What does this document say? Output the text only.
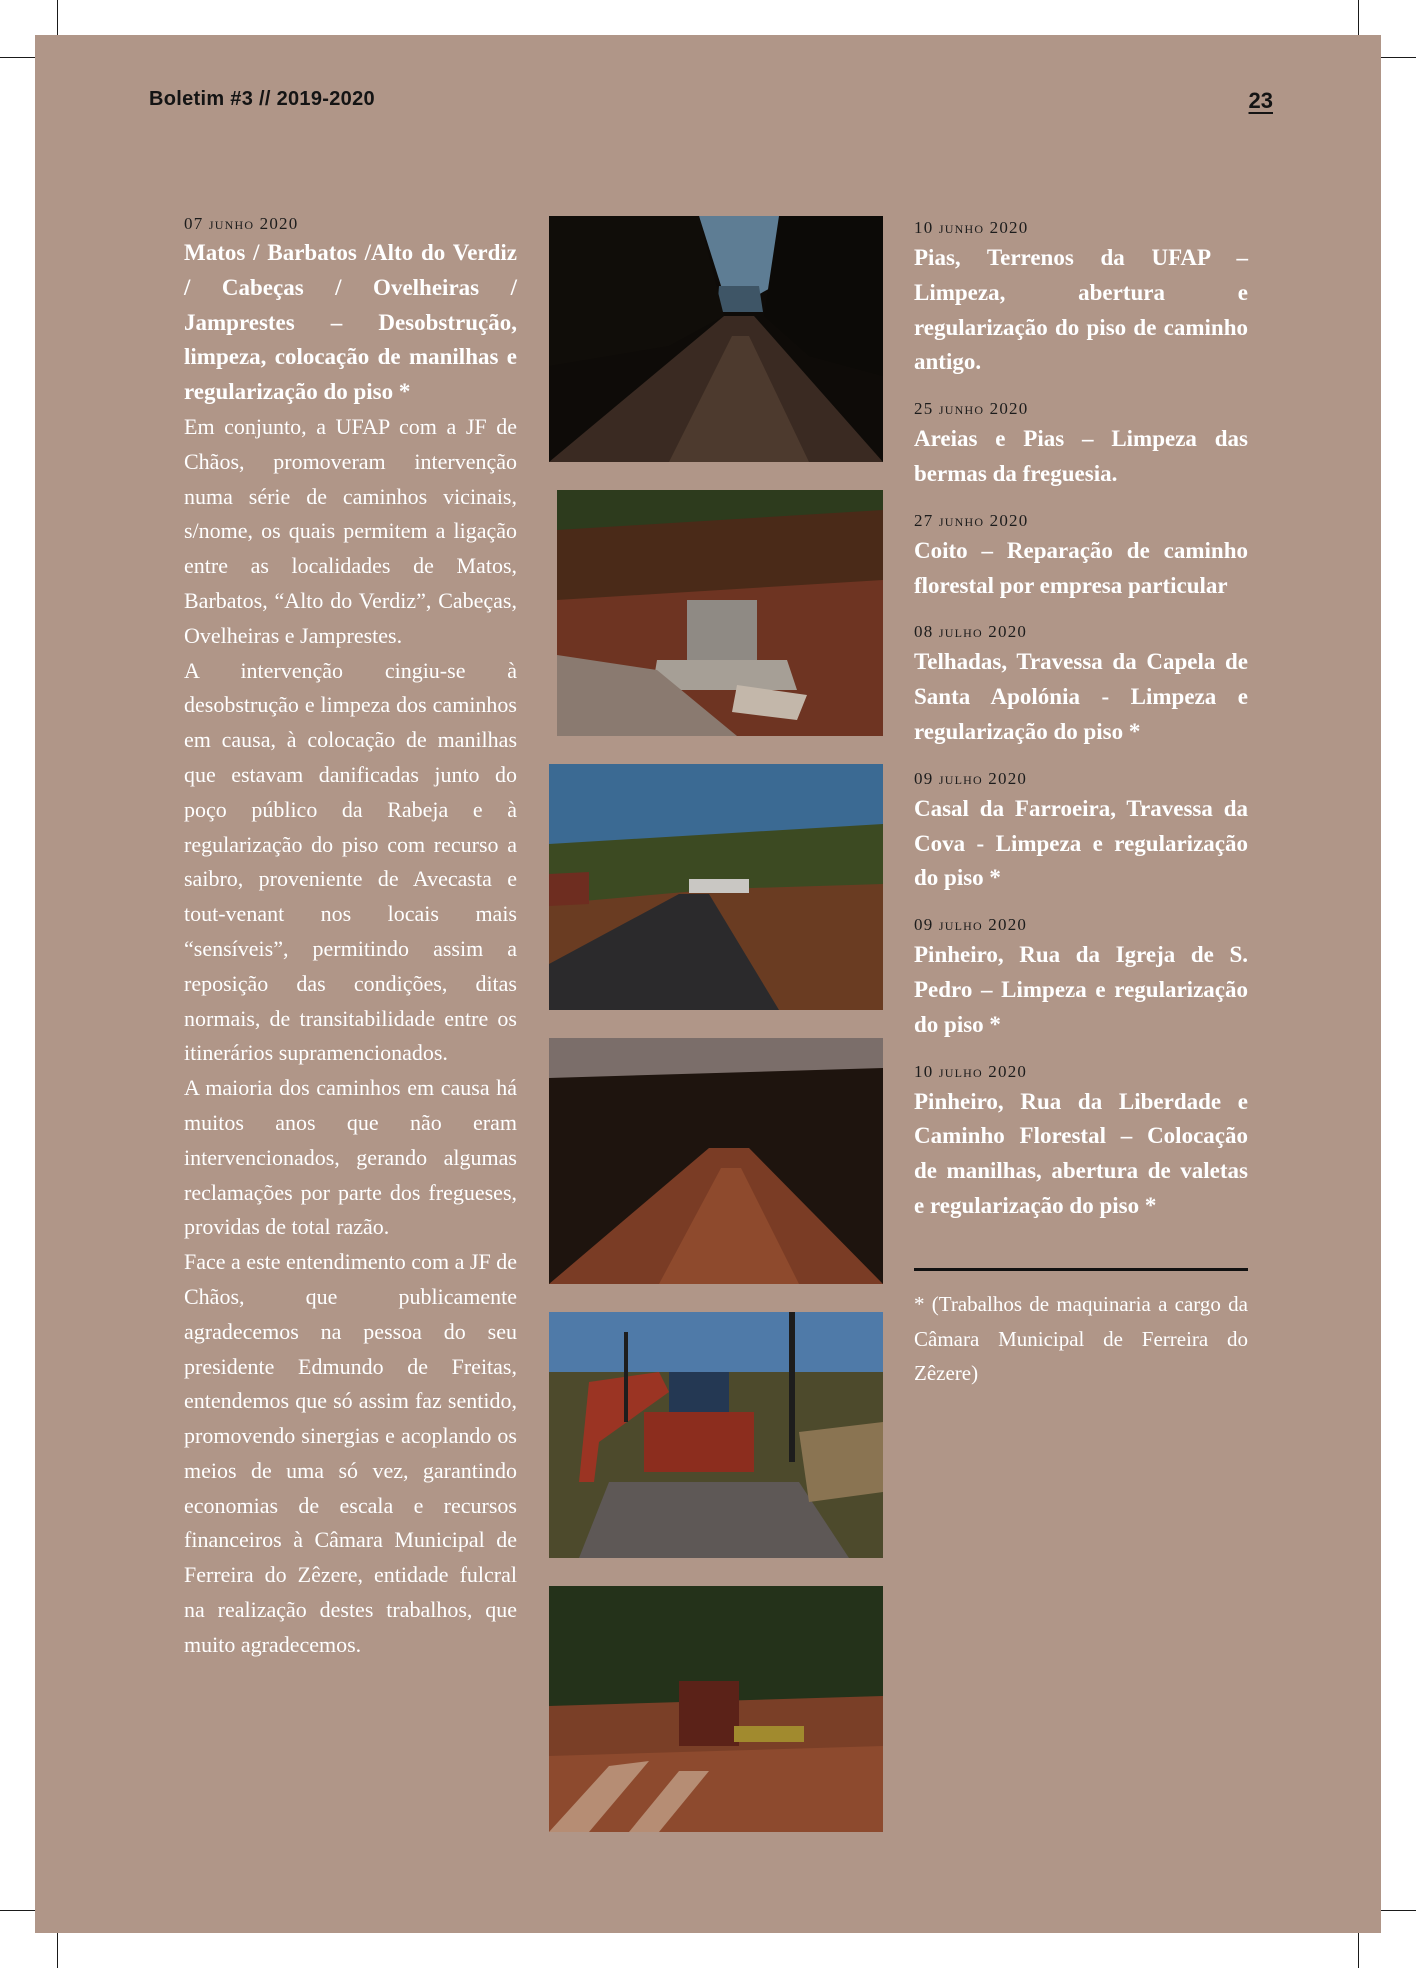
Boletim #3 // 2019-2020	23
07 junho 2020
Matos / Barbatos /Alto do Verdiz / Cabeças / Ovelheiras / Jamprestes – Desobstrução, limpeza, colocação de manilhas e regularização do piso *

Em conjunto, a UFAP com a JF de Chãos, promoveram intervenção numa série de caminhos vicinais, s/nome, os quais permitem a ligação entre as localidades de Matos, Barbatos, “Alto do Verdiz”, Cabeças, Ovelheiras e Jamprestes.

A intervenção cingiu-se à desobstrução e limpeza dos caminhos em causa, à colocação de manilhas que estavam danificadas junto do poço público da Rabeja e à regularização do piso com recurso a saibro, proveniente de Avecasta e tout-venant nos locais mais “sensíveis”, permitindo assim a reposição das condições, ditas normais, de transitabilidade entre os itinerários supramencionados.

A maioria dos caminhos em causa há muitos anos que não eram intervencionados, gerando algumas reclamações por parte dos fregueses, providas de total razão.

Face a este entendimento com a JF de Chãos, que publicamente agradecemos na pessoa do seu presidente Edmundo de Freitas, entendemos que só assim faz sentido, promovendo sinergias e acoplando os meios de uma só vez, garantindo economias de escala e recursos financeiros à Câmara Municipal de Ferreira do Zêzere, entidade fulcral na realização destes trabalhos, que muito agradecemos.

10 junho 2020
Pias, Terrenos da UFAP – Limpeza, abertura e regularização do piso de caminho antigo.
25 junho 2020
Areias e Pias – Limpeza das bermas da freguesia.
27 junho 2020
Coito – Reparação de caminho florestal por empresa particular
08 julho 2020
Telhadas, Travessa da Capela de Santa Apolónia - Limpeza e regularização do piso *
09 julho 2020
Casal da Farroeira, Travessa da Cova - Limpeza e regularização do piso *
09 julho 2020
Pinheiro, Rua da Igreja de S. Pedro – Limpeza e regularização do piso *
10 julho 2020
Pinheiro, Rua da Liberdade e Caminho Florestal – Colocação de manilhas, abertura de valetas e regularização do piso *
* (Trabalhos de maquinaria a cargo da Câmara Municipal de Ferreira do Zêzere)
